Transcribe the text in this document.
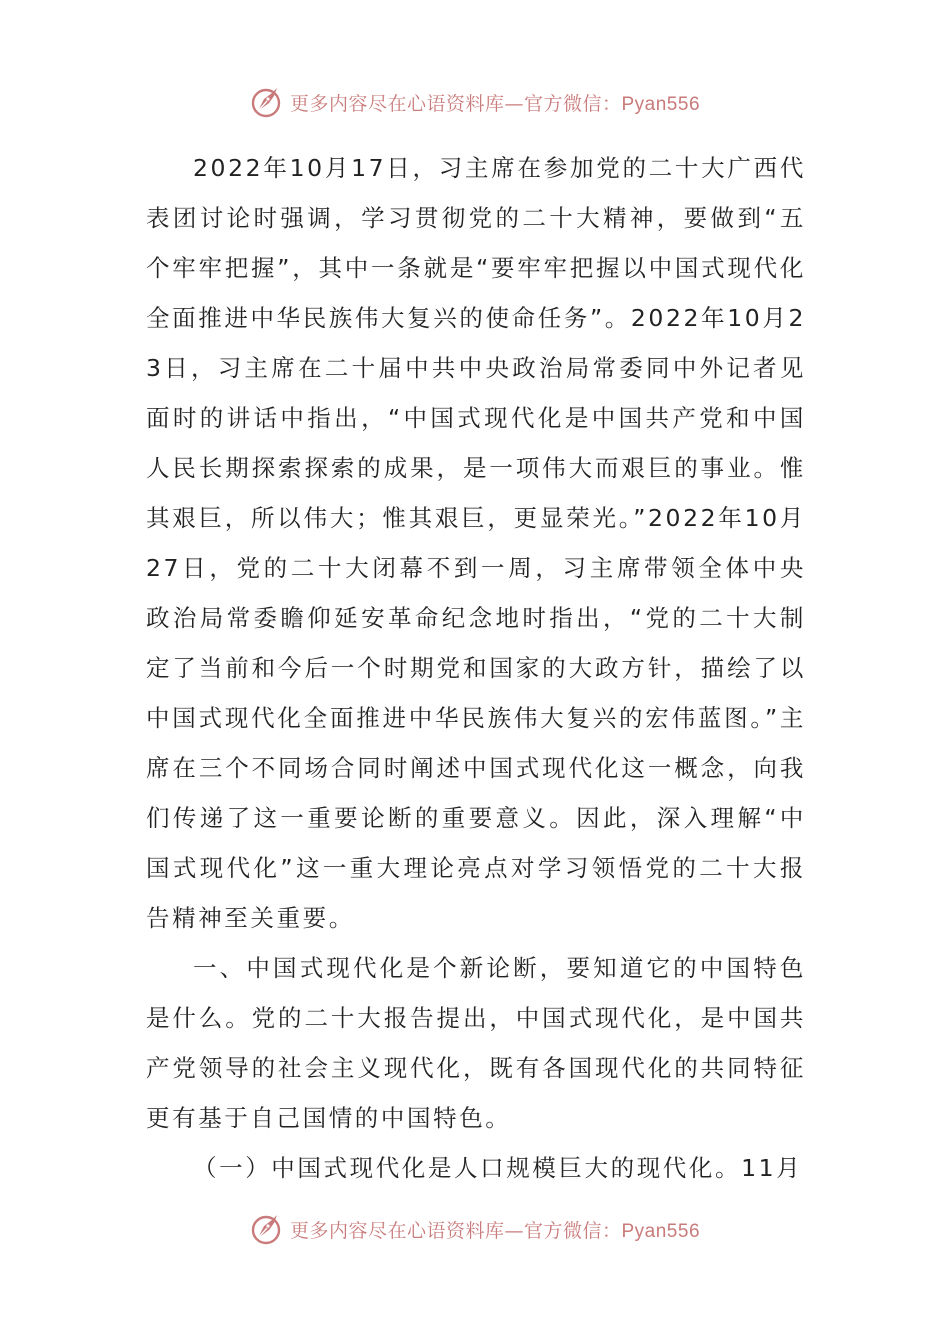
更多内容尽在心语资料库—官方微信：Pyan556

2022年10月17日，习主席在参加党的二十大广西代表团讨论时强调，学习贯彻党的二十大精神，要做到“五个牢牢把握”，其中一条就是“要牢牢把握以中国式现代化全面推进中华民族伟大复兴的使命任务”。2022年10月23日，习主席在二十届中共中央政治局常委同中外记者见面时的讲话中指出，“中国式现代化是中国共产党和中国人民长期探索探索的成果，是一项伟大而艰巨的事业。惟其艰巨，所以伟大；惟其艰巨，更显荣光。”2022年10月27日，党的二十大闭幕不到一周，习主席带领全体中央政治局常委瞻仰延安革命纪念地时指出，“党的二十大制定了当前和今后一个时期党和国家的大政方针，描绘了以中国式现代化全面推进中华民族伟大复兴的宏伟蓝图。”主席在三个不同场合同时阐述中国式现代化这一概念，向我们传递了这一重要论断的重要意义。因此，深入理解“中国式现代化”这一重大理论亮点对学习领悟党的二十大报告精神至关重要。

一、中国式现代化是个新论断，要知道它的中国特色是什么。党的二十大报告提出，中国式现代化，是中国共产党领导的社会主义现代化，既有各国现代化的共同特征更有基于自己国情的中国特色。

（一）中国式现代化是人口规模巨大的现代化。11月

更多内容尽在心语资料库—官方微信：Pyan556
